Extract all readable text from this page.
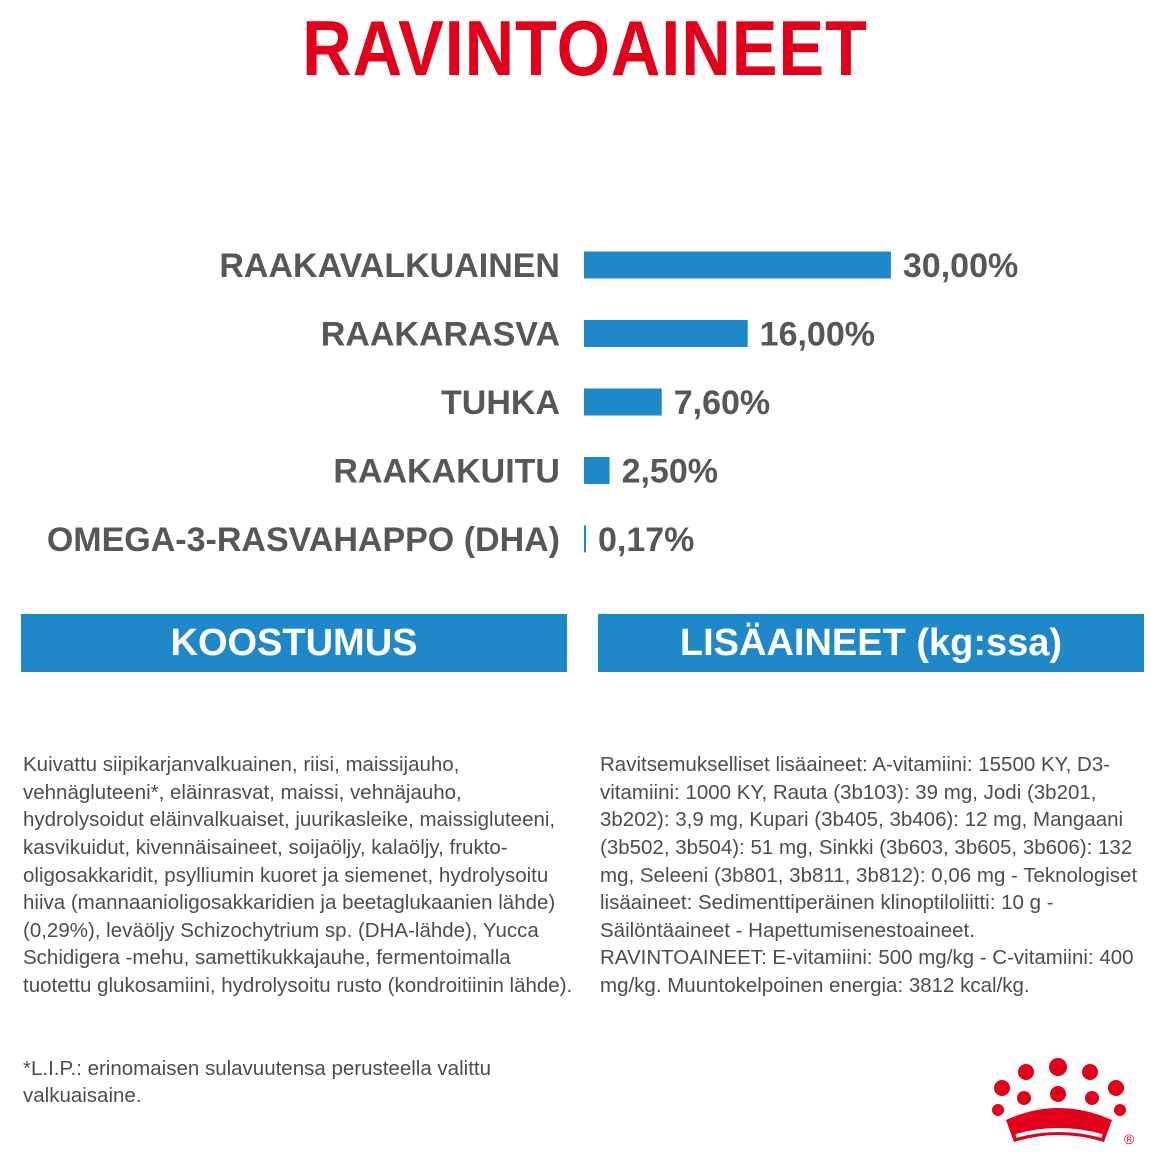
RAVINTOAINEET
RAAKAVALKUAINEN	30,00%
RAAKARASVA	16,00%
TUHKA	7,60%
RAAKAKUITU 2,50%
OMEGA-3-RASVAHAPPO (DHA) 0,17%
KOOSTUMUS	LISÄAINEET (kg:ssa)

Kuivattu siipikarjanvalkuainen, riisi, maissijauho, vehnägluteeni*, eläinrasvat, maissi, vehnäjauho, hydrolysoidut eläinvalkuaiset, juurikasleike, maissigluteeni, kasvikuidut, kivennäisaineet, soijaöljy, kalaöljy, frukto-oligosakkaridit, psylliumin kuoret ja siemenet, hydrolysoitu hiiva (mannaanioligosakkaridien ja beetaglukaanien lähde) (0,29%), leväöljy Schizochytrium sp. (DHA-lähde), Yucca Schidigera -mehu, samettikukkajauhe, fermentoimalla tuotettu glukosamiini, hydrolysoitu rusto (kondroitiinin lähde).

*L.I.P.: erinomaisen sulavuutensa perusteella valittu valkuaisaine.

Ravitsemukselliset lisäaineet: A-vitamiini: 15500 KY, D3-vitamiini: 1000 KY, Rauta (3b103): 39 mg, Jodi (3b201, 3b202): 3,9 mg, Kupari (3b405, 3b406): 12 mg, Mangaani (3b502, 3b504): 51 mg, Sinkki (3b603, 3b605, 3b606): 132 mg, Seleeni (3b801, 3b811, 3b812): 0,06 mg - Teknologiset lisäaineet: Sedimenttiperäinen klinoptiloliitti: 10 g - Säilöntäaineet - Hapettumisenestoaineet. RAVINTOAINEET: E-vitamiini: 500 mg/kg - C-vitamiini: 400 mg/kg. Muuntokelpoinen energia: 3812 kcal/kg.

®
